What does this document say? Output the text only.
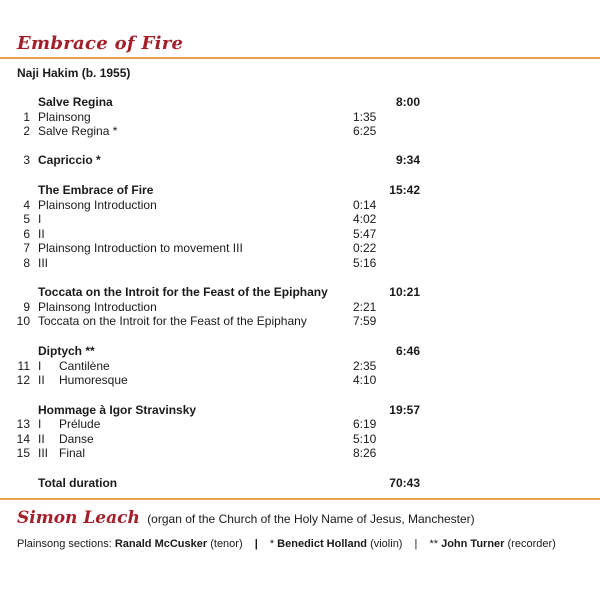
Embrace of Fire
Naji Hakim (b. 1955)
Salve Regina	8:00
1 Plainsong	1:35
2 Salve Regina *	6:25
3 Capriccio *	9:34
The Embrace of Fire	15:42
4 Plainsong Introduction	0:14
5 I	4:02
6 II	5:47
7 Plainsong Introduction to movement III	0:22
8 III	5:16
Toccata on the Introit for the Feast of the Epiphany	10:21
9 Plainsong Introduction	2:21
10 Toccata on the Introit for the Feast of the Epiphany	7:59
Diptych **	6:46
11 I Cantilène	2:35
12 II Humoresque	4:10
Hommage à Igor Stravinsky	19:57
13 I Prélude	6:19
14 II Danse	5:10
15 III Final	8:26
Total duration	70:43
Simon Leach (organ of the Church of the Holy Name of Jesus, Manchester)
Plainsong sections: Ranald McCusker (tenor) | * Benedict Holland (violin) | ** John Turner (recorder)
